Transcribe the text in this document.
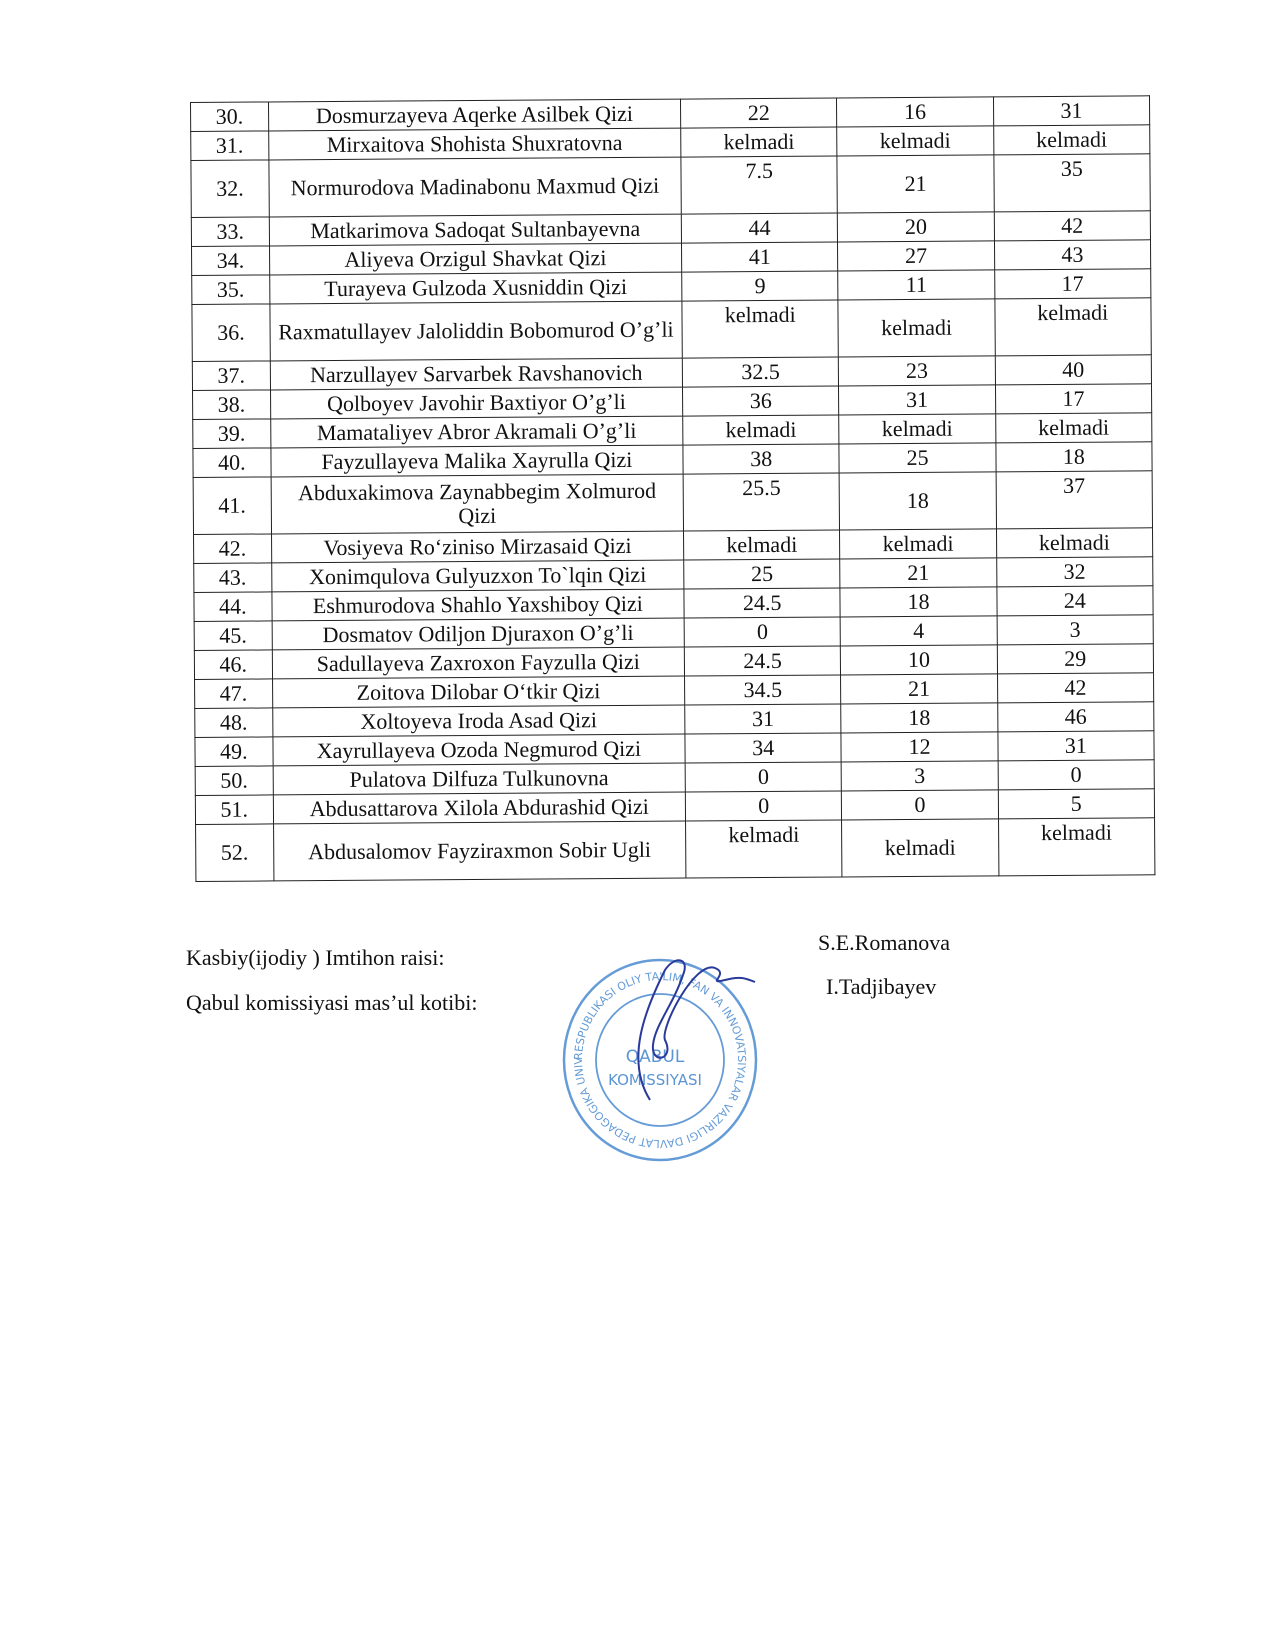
30.	Dosmurzayeva Aqerke Asilbek Qizi	22	16	31
31.	Mirxaitova Shohista Shuxratovna	kelmadi	kelmadi	kelmadi
32.	Normurodova Madinabonu Maxmud Qizi	7.5	21	35
33.	Matkarimova Sadoqat Sultanbayevna	44	20	42
34.	Aliyeva Orzigul Shavkat Qizi	41	27	43
35.	Turayeva Gulzoda Xusniddin Qizi	9	11	17
36.	Raxmatullayev Jaloliddin Bobomurod O’g’li	kelmadi	kelmadi	kelmadi
37.	Narzullayev Sarvarbek Ravshanovich	32.5	23	40
38.	Qolboyev Javohir Baxtiyor O’g’li	36	31	17
39.	Mamataliyev Abror Akramali O’g’li	kelmadi	kelmadi	kelmadi
40.	Fayzullayeva Malika Xayrulla Qizi	38	25	18
41.	Abduxakimova Zaynabbegim Xolmurod Qizi	25.5	18	37
42.	Vosiyeva Ro‘ziniso Mirzasaid Qizi	kelmadi	kelmadi	kelmadi
43.	Xonimqulova Gulyuzxon To`lqin Qizi	25	21	32
44.	Eshmurodova Shahlo Yaxshiboy Qizi	24.5	18	24
45.	Dosmatov Odiljon Djuraxon O’g’li	0	4	3
46.	Sadullayeva Zaxroxon Fayzulla Qizi	24.5	10	29
47.	Zoitova Dilobar O‘tkir Qizi	34.5	21	42
48.	Xoltoyeva Iroda Asad Qizi	31	18	46
49.	Xayrullayeva Ozoda Negmurod Qizi	34	12	31
50.	Pulatova Dilfuza Tulkunovna	0	3	0
51.	Abdusattarova Xilola Abdurashid Qizi	0	0	5
52.	Abdusalomov Fayziraxmon Sobir Ugli	kelmadi	kelmadi	kelmadi
Kasbiy(ijodiy ) Imtihon raisi:
Qabul komissiyasi mas’ul kotibi:
S.E.Romanova
I.Tadjibayev
RESPUBLIKASI OLIY TA'LIM, FAN VA INNOVATSIYALAR VAZIRLIGI DAVLAT PEDAGOGIKA UNIV	QABUL
KOMISSIYASI
